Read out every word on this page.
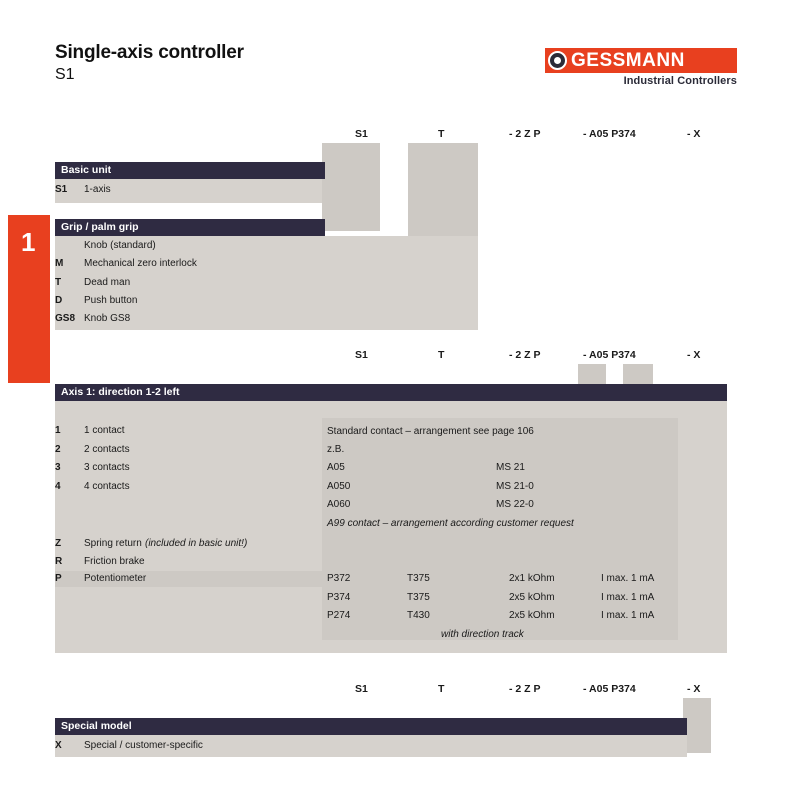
Single-axis controller
S1
GESSMANN
Industrial Controllers
1
S1	T	- 2 Z P	- A05 P374	- X
Basic unit
S1 1-axis
Grip / palm grip
Knob (standard)
M Mechanical zero interlock
T Dead man
D Push button
GS8 Knob GS8
S1	T	- 2 Z P	- A05 P374	- X
Axis 1: direction 1-2 left
1 1 contact
2 2 contacts
3 3 contacts
4 4 contacts
Standard contact – arrangement see page 106
z.B.
A05	MS 21
A050	MS 21-0
A060	MS 22-0
A99 contact – arrangement according customer request
Z Spring return (included in basic unit!)
R Friction brake
P Potentiometer	P372	T375	2x1 kOhm	I max. 1 mA
P374	T375	2x5 kOhm	I max. 1 mA
P274	T430	2x5 kOhm	I max. 1 mA
with direction track
S1	T	- 2 Z P	- A05 P374	- X
Special model
X Special / customer-specific
